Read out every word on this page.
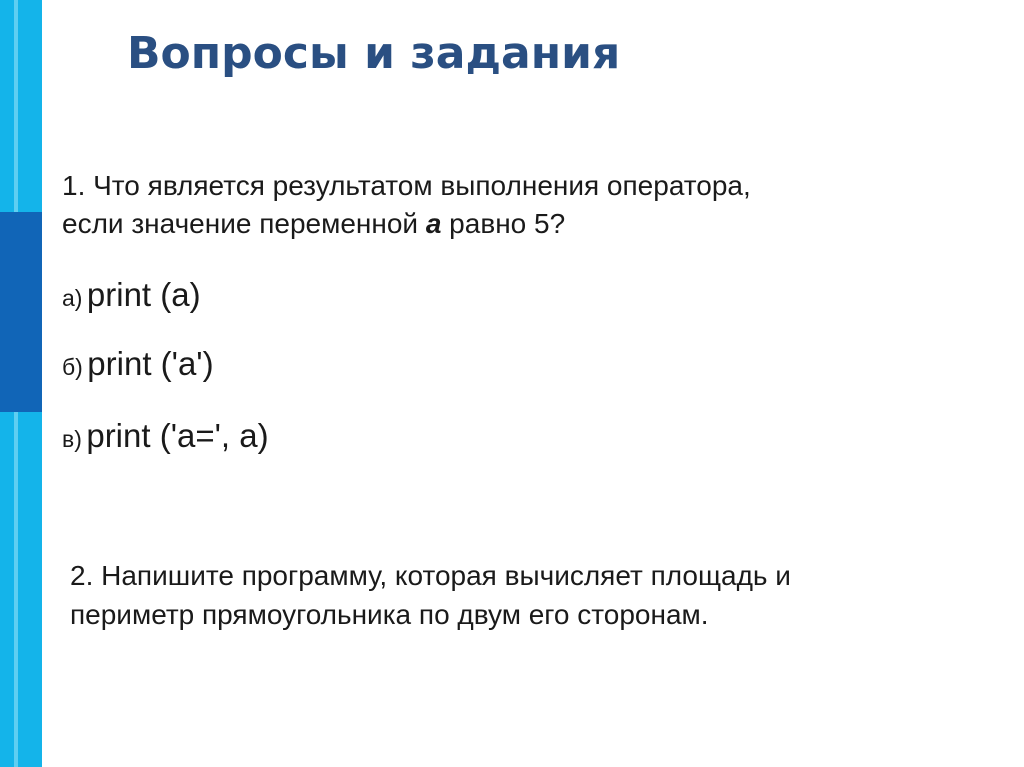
Вопросы и задания

1. Что является результатом выполнения оператора,
если значение переменной a равно 5?

а) print (a)
б) print ('a')
в) print ('a=', a)

2. Напишите программу, которая вычисляет площадь и
периметр прямоугольника по двум его сторонам.
